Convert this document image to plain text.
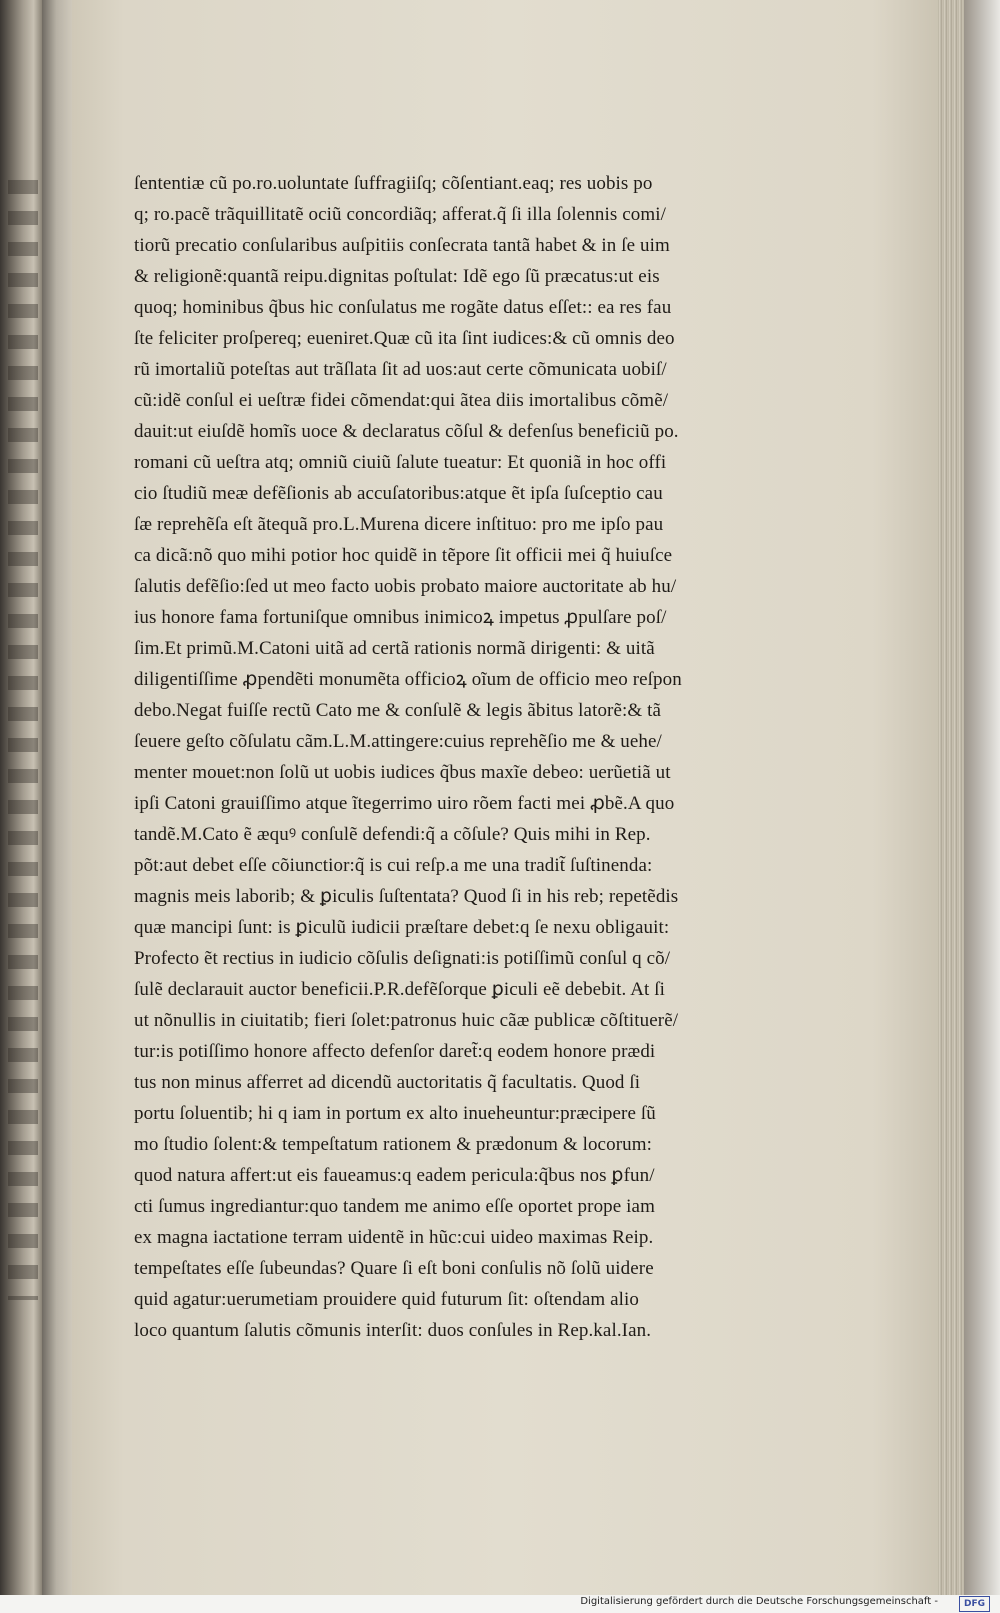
ſententiæ cũ po.ro.uoluntate ſuffragiiſq; cõſentiant.eaq; res uobis po
q; ro.pacẽ trãquillitatẽ ociũ concordiãq; afferat.q̃ ſi illa ſolennis comi/
tiorũ precatio conſularibus auſpitiis conſecrata tantã habet & in ſe uim
& religionẽ:quantã reipu.dignitas poſtulat: Idẽ ego ſũ præcatus:ut eis
quoq; hominibus q̃bus hic conſulatus me rogãte datus eſſet:: ea res fau
ſte feliciter proſpereq; eueniret.Quæ cũ ita ſint iudices:& cũ omnis deo
rũ imortaliũ poteſtas aut trãſlata ſit ad uos:aut certe cõmunicata uobiſ/
cũ:idẽ conſul ei ueſtræ fidei cõmendat:qui ãtea diis imortalibus cõmẽ/
dauit:ut eiuſdẽ homĩs uoce & declaratus cõſul & defenſus beneficiũ po.
romani cũ ueſtra atq; omniũ ciuiũ ſalute tueatur: Et quoniã in hoc offi
cio ſtudiũ meæ defẽſionis ab accuſatoribus:atque ẽt ipſa ſuſceptio cau
ſæ reprehẽſa eſt ãtequã pro.L.Murena dicere inſtituo: pro me ipſo pau
ca dicã:nõ quo mihi potior hoc quidẽ in tẽpore ſit officii mei q̃ huiuſce
ſalutis defẽſio:ſed ut meo facto uobis probato maiore auctoritate ab hu/
ius honore fama fortuniſque omnibus inimicoꝝ impetus ꝓpulſare poſ/
ſim.Et primũ.M.Catoni uitã ad certã rationis normã dirigenti: & uitã
diligentiſſime ꝓpendẽti monumẽta officioꝝ oĩum de officio meo reſpon
debo.Negat fuiſſe rectũ Cato me & conſulẽ & legis ãbitus latorẽ:& tã
ſeuere geſto cõſulatu cãm.L.M.attingere:cuius reprehẽſio me & uehe/
menter mouet:non ſolũ ut uobis iudices q̃bus maxĩe debeo: uerũetiã ut
ipſi Catoni grauiſſimo atque ĩtegerrimo uiro rõem facti mei ꝓbẽ.A quo
tandẽ.M.Cato ẽ æquꝰ conſulẽ defendi:q̃ a cõſule? Quis mihi in Rep.
põt:aut debet eſſe cõiunctior:q̃ is cui reſp.a me una tradit̃ ſuſtinenda:
magnis meis laborib; & ꝑiculis ſuſtentata? Quod ſi in his reb; repetẽdis
quæ mancipi ſunt: is ꝑiculũ iudicii præſtare debet:q ſe nexu obligauit:
Profecto ẽt rectius in iudicio cõſulis deſignati:is potiſſimũ conſul q cõ/
ſulẽ declarauit auctor beneficii.P.R.defẽſorque ꝑiculi eẽ debebit. At ſi
ut nõnullis in ciuitatib; fieri ſolet:patronus huic cãæ publicæ cõſtituerẽ/
tur:is potiſſimo honore affecto defenſor daret̃:q eodem honore prædi
tus non minus afferret ad dicendũ auctoritatis q̃ facultatis. Quod ſi
portu ſoluentib; hi q iam in portum ex alto inueheuntur:præcipere ſũ
mo ſtudio ſolent:& tempeſtatum rationem & prædonum & locorum:
quod natura affert:ut eis faueamus:q eadem pericula:q̃bus nos ꝑfun/
cti ſumus ingrediantur:quo tandem me animo eſſe oportet prope iam
ex magna iactatione terram uidentẽ in hũc:cui uideo maximas Reip.
tempeſtates eſſe ſubeundas? Quare ſi eſt boni conſulis nõ ſolũ uidere
quid agatur:uerumetiam prouidere quid futurum ſit: oſtendam alio
loco quantum ſalutis cõmunis interſit: duos conſules in Rep.kal.Ian.
Digitalisierung gefördert durch die Deutsche Forschungsgemeinschaft -	DFG
